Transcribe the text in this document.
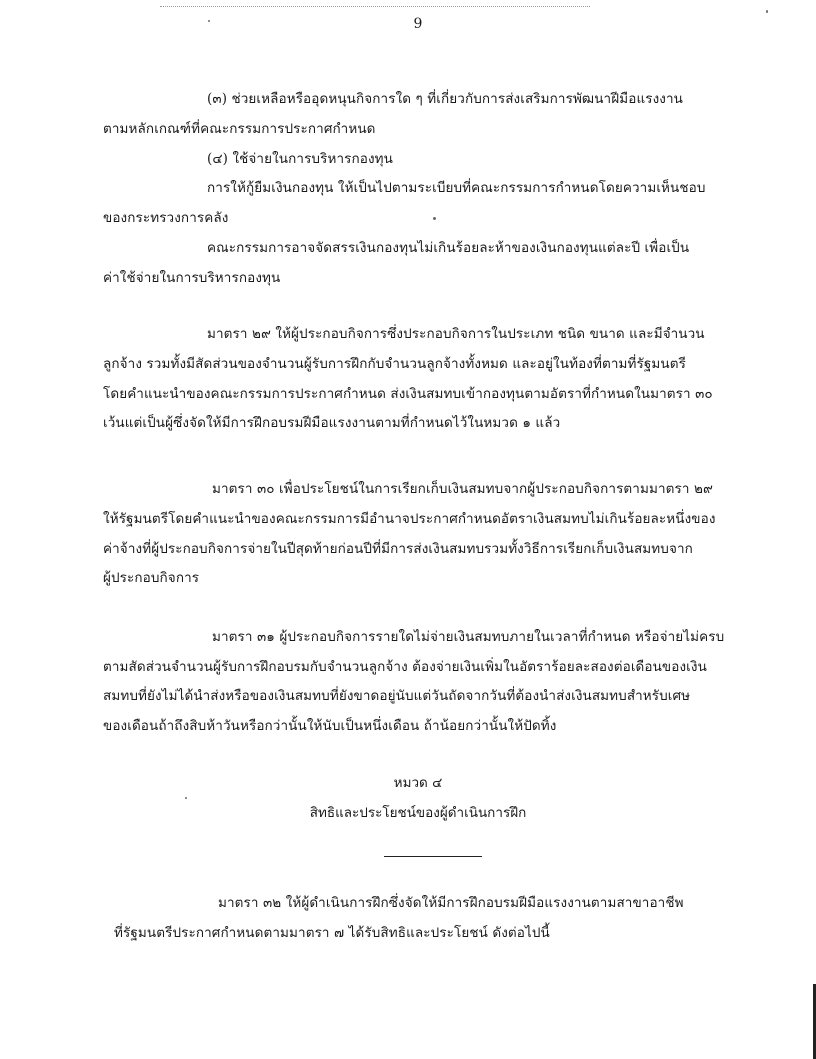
9
(๓) ช่วยเหลือหรืออุดหนุนกิจการใด ๆ ที่เกี่ยวกับการส่งเสริมการพัฒนาฝีมือแรงงาน
ตามหลักเกณฑ์ที่คณะกรรมการประกาศกำหนด
(๔) ใช้จ่ายในการบริหารกองทุน
การให้กู้ยืมเงินกองทุน ให้เป็นไปตามระเบียบที่คณะกรรมการกำหนดโดยความเห็นชอบ
ของกระทรวงการคลัง
คณะกรรมการอาจจัดสรรเงินกองทุนไม่เกินร้อยละห้าของเงินกองทุนแต่ละปี เพื่อเป็น
ค่าใช้จ่ายในการบริหารกองทุน
มาตรา ๒๙ ให้ผู้ประกอบกิจการซึ่งประกอบกิจการในประเภท ชนิด ขนาด และมีจำนวน
ลูกจ้าง รวมทั้งมีสัดส่วนของจำนวนผู้รับการฝึกกับจำนวนลูกจ้างทั้งหมด และอยู่ในท้องที่ตามที่รัฐมนตรี
โดยคำแนะนำของคณะกรรมการประกาศกำหนด ส่งเงินสมทบเข้ากองทุนตามอัตราที่กำหนดในมาตรา ๓๐
เว้นแต่เป็นผู้ซึ่งจัดให้มีการฝึกอบรมฝีมือแรงงานตามที่กำหนดไว้ในหมวด ๑ แล้ว
มาตรา ๓๐ เพื่อประโยชน์ในการเรียกเก็บเงินสมทบจากผู้ประกอบกิจการตามมาตรา ๒๙
ให้รัฐมนตรีโดยคำแนะนำของคณะกรรมการมีอำนาจประกาศกำหนดอัตราเงินสมทบไม่เกินร้อยละหนึ่งของ
ค่าจ้างที่ผู้ประกอบกิจการจ่ายในปีสุดท้ายก่อนปีที่มีการส่งเงินสมทบรวมทั้งวิธีการเรียกเก็บเงินสมทบจาก
ผู้ประกอบกิจการ
มาตรา ๓๑ ผู้ประกอบกิจการรายใดไม่จ่ายเงินสมทบภายในเวลาที่กำหนด หรือจ่ายไม่ครบ
ตามสัดส่วนจำนวนผู้รับการฝึกอบรมกับจำนวนลูกจ้าง ต้องจ่ายเงินเพิ่มในอัตราร้อยละสองต่อเดือนของเงิน
สมทบที่ยังไม่ได้นำส่งหรือของเงินสมทบที่ยังขาดอยู่นับแต่วันถัดจากวันที่ต้องนำส่งเงินสมทบสำหรับเศษ
ของเดือนถ้าถึงสิบห้าวันหรือกว่านั้นให้นับเป็นหนึ่งเดือน ถ้าน้อยกว่านั้นให้ปัดทิ้ง
หมวด ๔
สิทธิและประโยชน์ของผู้ดำเนินการฝึก
มาตรา ๓๒ ให้ผู้ดำเนินการฝึกซึ่งจัดให้มีการฝึกอบรมฝีมือแรงงานตามสาขาอาชีพ
ที่รัฐมนตรีประกาศกำหนดตามมาตรา ๗ ได้รับสิทธิและประโยชน์ ดังต่อไปนี้
